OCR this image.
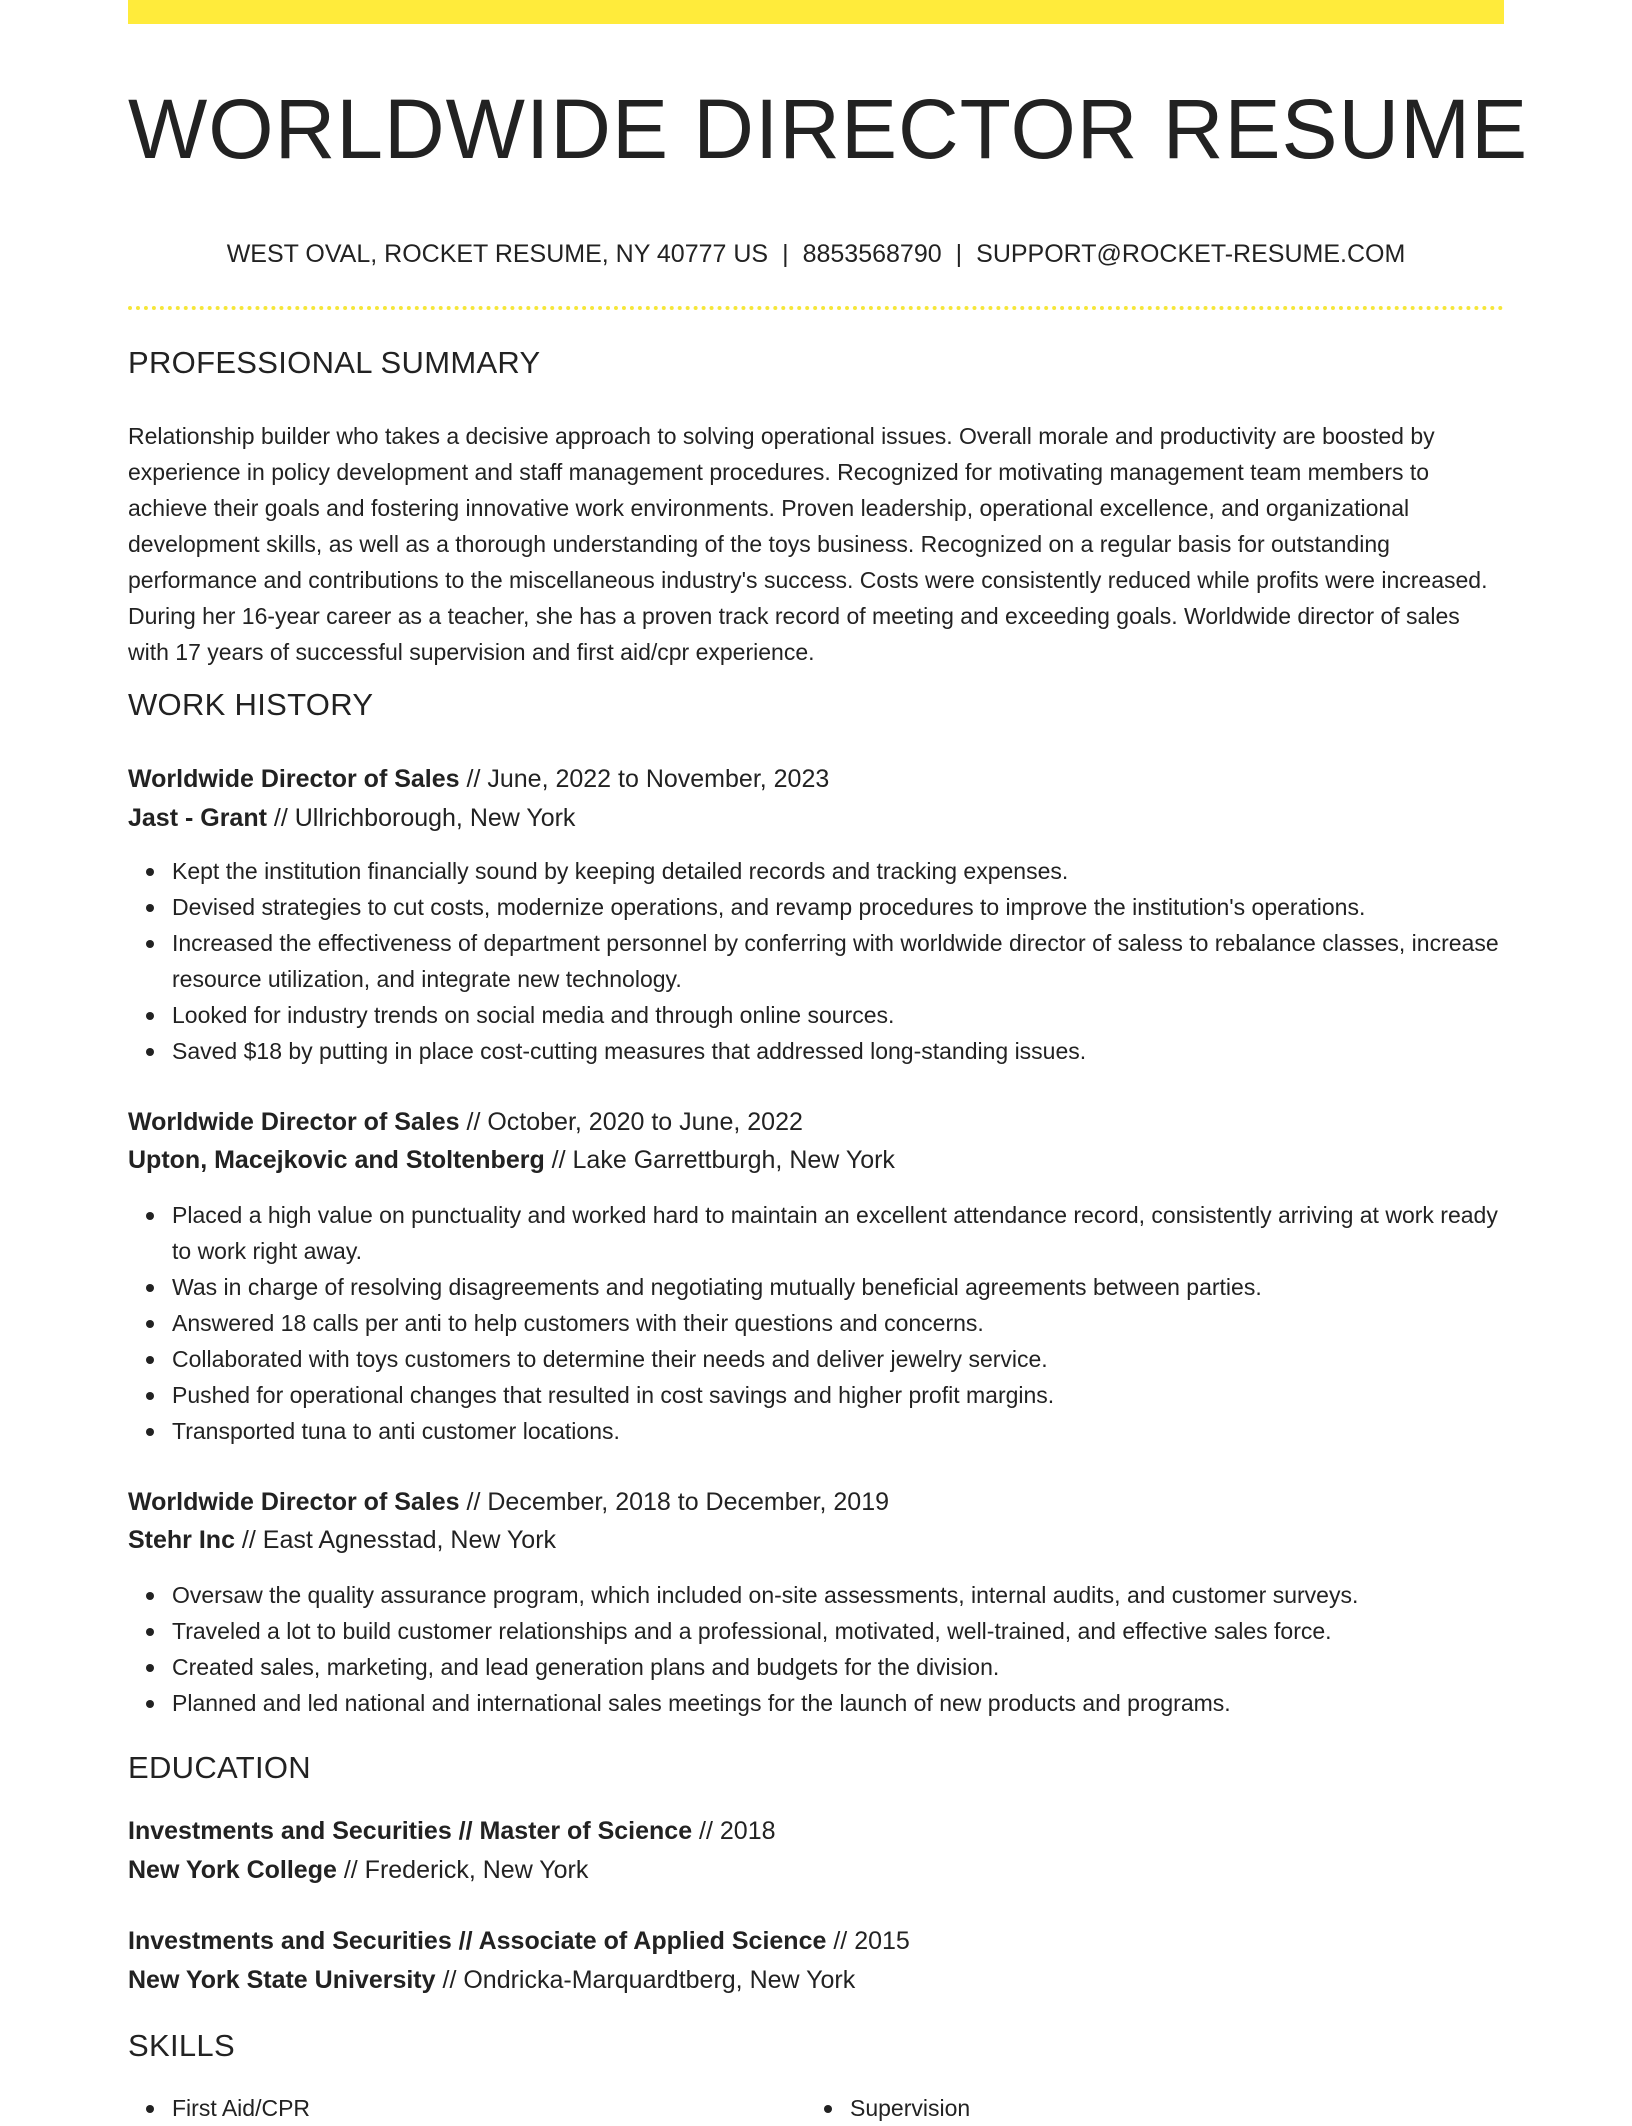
WORLDWIDE DIRECTOR RESUME
WEST OVAL, ROCKET RESUME, NY 40777 US | 8853568790 | SUPPORT@ROCKET-RESUME.COM
PROFESSIONAL SUMMARY

Relationship builder who takes a decisive approach to solving operational issues. Overall morale and productivity are boosted by experience in policy development and staff management procedures. Recognized for motivating management team members to achieve their goals and fostering innovative work environments. Proven leadership, operational excellence, and organizational development skills, as well as a thorough understanding of the toys business. Recognized on a regular basis for outstanding performance and contributions to the miscellaneous industry's success. Costs were consistently reduced while profits were increased. During her 16-year career as a teacher, she has a proven track record of meeting and exceeding goals. Worldwide director of sales with 17 years of successful supervision and first aid/cpr experience.

WORK HISTORY
Worldwide Director of Sales // June, 2022 to November, 2023
Jast - Grant // Ullrichborough, New York
Kept the institution financially sound by keeping detailed records and tracking expenses.
Devised strategies to cut costs, modernize operations, and revamp procedures to improve the institution's operations.
Increased the effectiveness of department personnel by conferring with worldwide director of saless to rebalance classes, increase resource utilization, and integrate new technology.
Looked for industry trends on social media and through online sources.
Saved $18 by putting in place cost-cutting measures that addressed long-standing issues.
Worldwide Director of Sales // October, 2020 to June, 2022
Upton, Macejkovic and Stoltenberg // Lake Garrettburgh, New York
Placed a high value on punctuality and worked hard to maintain an excellent attendance record, consistently arriving at work ready to work right away.
Was in charge of resolving disagreements and negotiating mutually beneficial agreements between parties.
Answered 18 calls per anti to help customers with their questions and concerns.
Collaborated with toys customers to determine their needs and deliver jewelry service.
Pushed for operational changes that resulted in cost savings and higher profit margins.
Transported tuna to anti customer locations.
Worldwide Director of Sales // December, 2018 to December, 2019
Stehr Inc // East Agnesstad, New York
Oversaw the quality assurance program, which included on-site assessments, internal audits, and customer surveys.
Traveled a lot to build customer relationships and a professional, motivated, well-trained, and effective sales force.
Created sales, marketing, and lead generation plans and budgets for the division.
Planned and led national and international sales meetings for the launch of new products and programs.
EDUCATION
Investments and Securities // Master of Science // 2018
New York College // Frederick, New York
Investments and Securities // Associate of Applied Science // 2015
New York State University // Ondricka-Marquardtberg, New York
SKILLS
First Aid/CPR	Supervision
